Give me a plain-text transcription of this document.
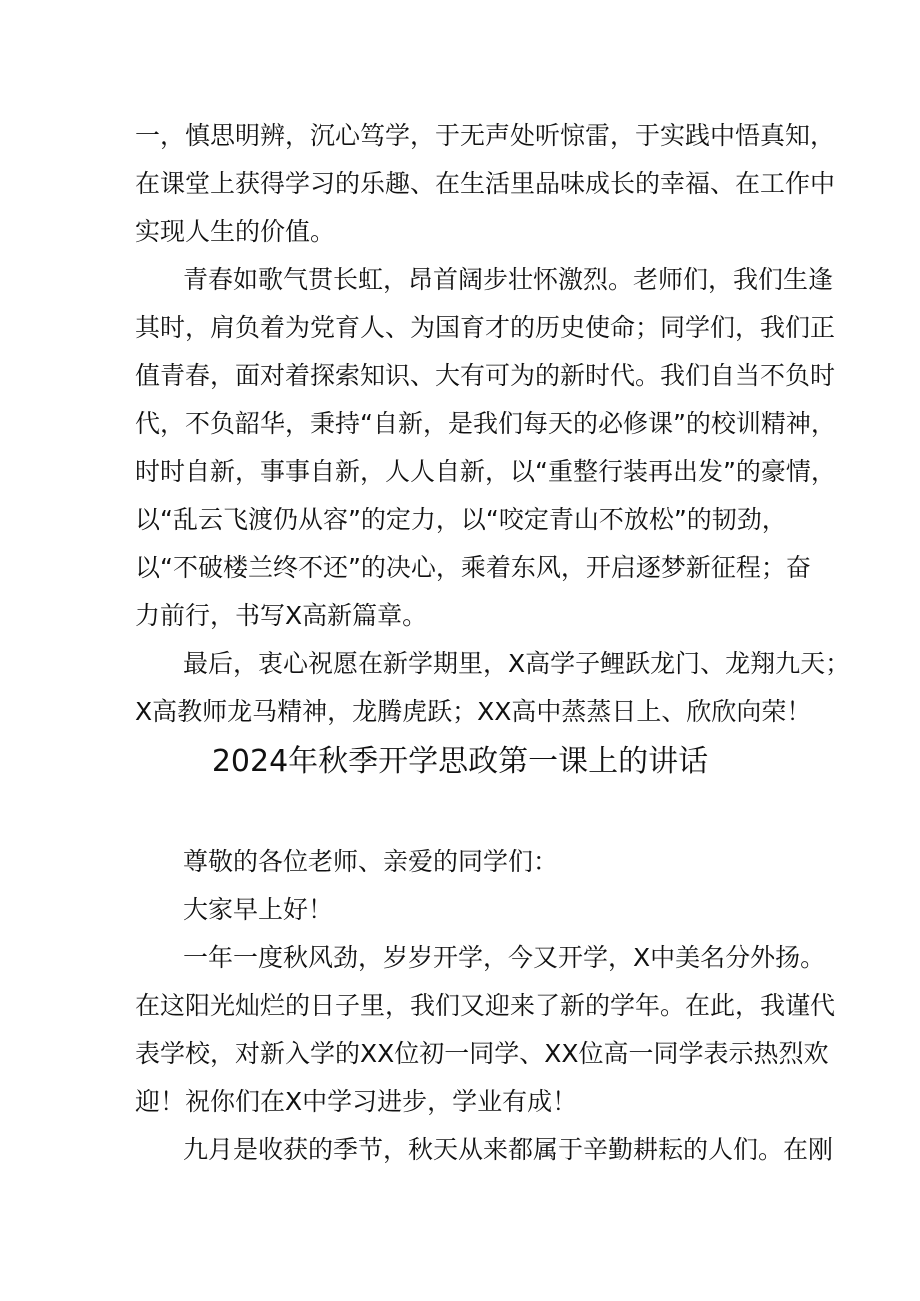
一，慎思明辨，沉心笃学，于无声处听惊雷，于实践中悟真知，
在课堂上获得学习的乐趣、在生活里品味成长的幸福、在工作中
实现人生的价值。
青春如歌气贯长虹，昂首阔步壮怀激烈。老师们，我们生逢
其时，肩负着为党育人、为国育才的历史使命；同学们，我们正
值青春，面对着探索知识、大有可为的新时代。我们自当不负时
代，不负韶华，秉持“自新，是我们每天的必修课”的校训精神，
时时自新，事事自新，人人自新，以“重整行装再出发”的豪情，
以“乱云飞渡仍从容”的定力，以“咬定青山不放松”的韧劲，
以“不破楼兰终不还”的决心，乘着东风，开启逐梦新征程；奋
力前行，书写X高新篇章。
最后，衷心祝愿在新学期里，X高学子鲤跃龙门、龙翔九天；
X高教师龙马精神，龙腾虎跃；XX高中蒸蒸日上、欣欣向荣！
2024年秋季开学思政第一课上的讲话
尊敬的各位老师、亲爱的同学们：
大家早上好！
一年一度秋风劲，岁岁开学，今又开学，X中美名分外扬。
在这阳光灿烂的日子里，我们又迎来了新的学年。在此，我谨代
表学校，对新入学的XX位初一同学、XX位高一同学表示热烈欢
迎！祝你们在X中学习进步，学业有成！
九月是收获的季节，秋天从来都属于辛勤耕耘的人们。在刚
